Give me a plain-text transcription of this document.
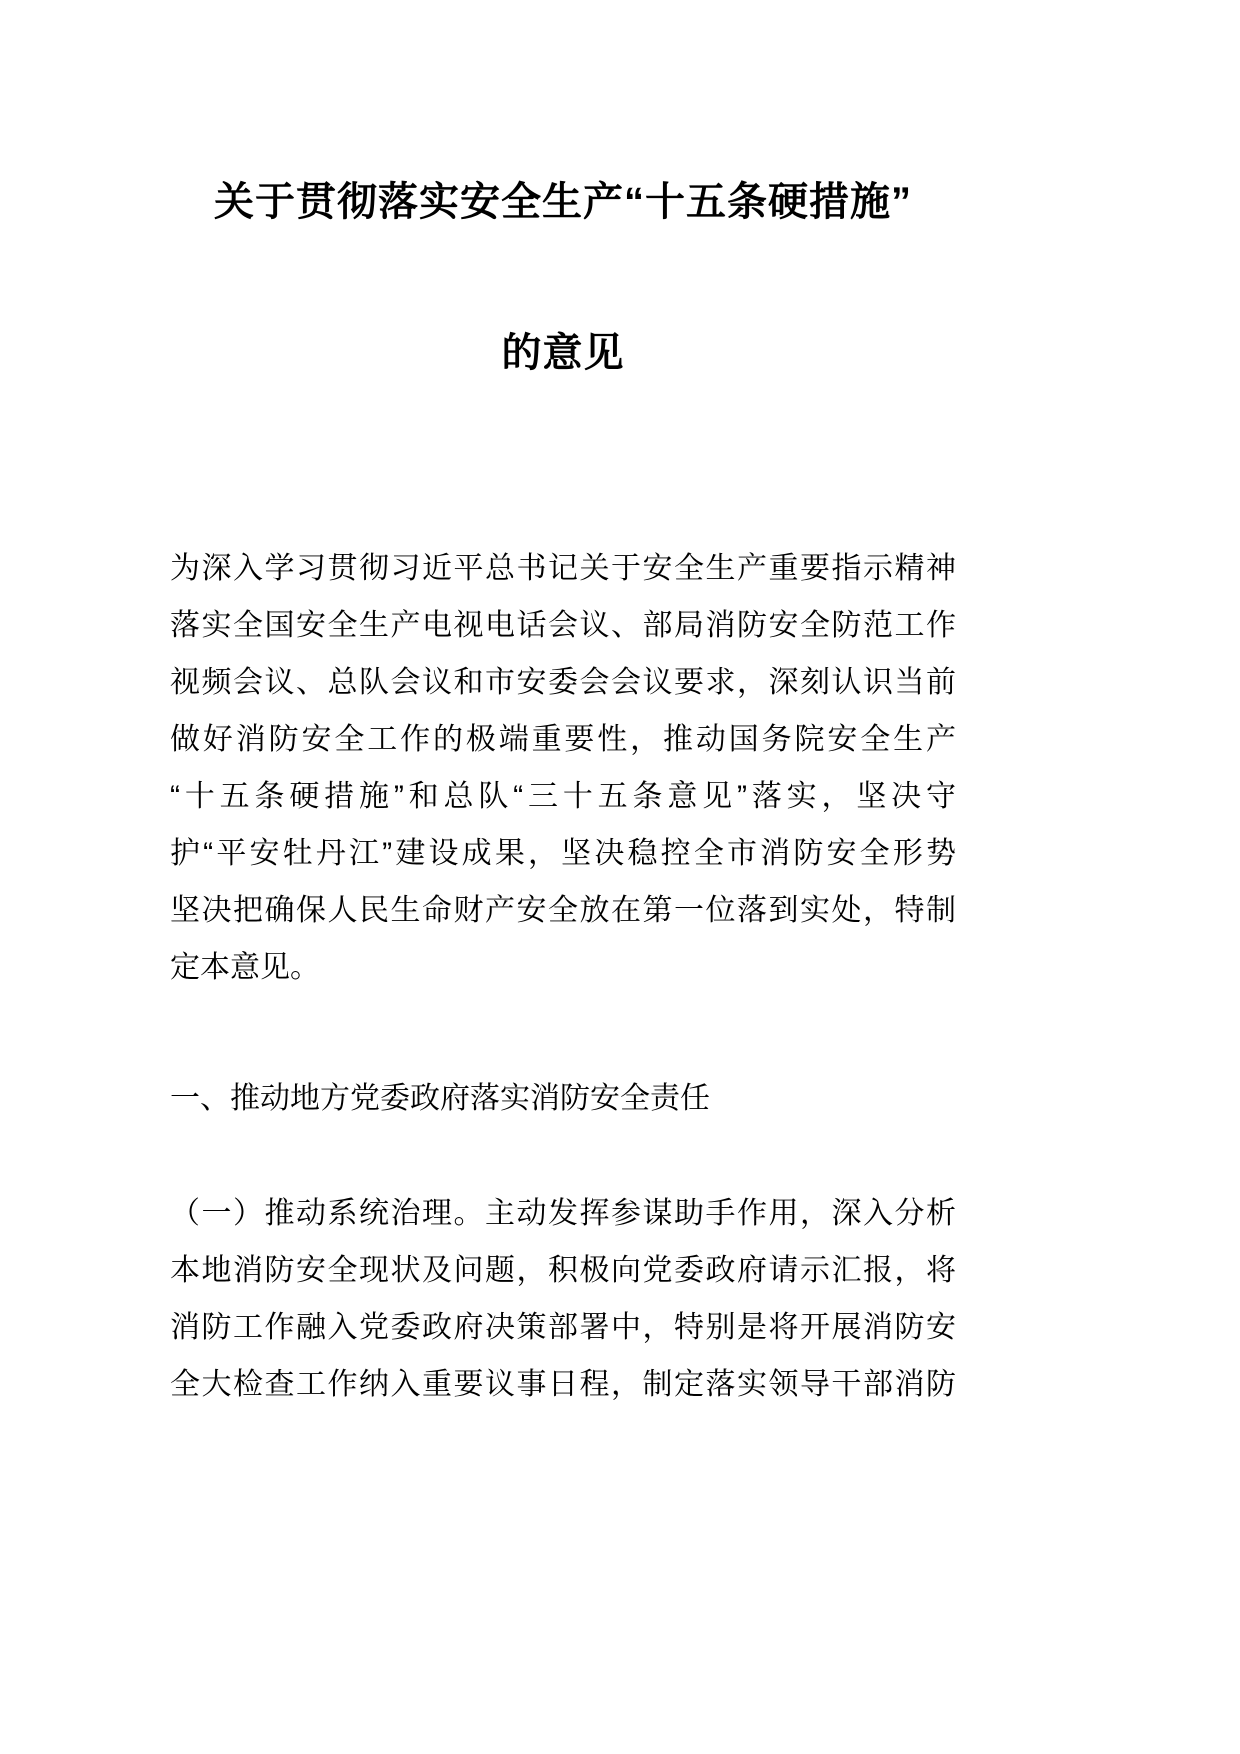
关于贯彻落实安全生产“十五条硬措施”
的意见

为深入学习贯彻习近平总书记关于安全生产重要指示精神
落实全国安全生产电视电话会议、部局消防安全防范工作
视频会议、总队会议和市安委会会议要求，深刻认识当前
做好消防安全工作的极端重要性，推动国务院安全生产
“十五条硬措施”和总队“三十五条意见”落实，坚决守
护“平安牡丹江”建设成果，坚决稳控全市消防安全形势
坚决把确保人民生命财产安全放在第一位落到实处，特制
定本意见。

一、推动地方党委政府落实消防安全责任

（一）推动系统治理。主动发挥参谋助手作用，深入分析
本地消防安全现状及问题，积极向党委政府请示汇报，将
消防工作融入党委政府决策部署中，特别是将开展消防安
全大检查工作纳入重要议事日程，制定落实领导干部消防
